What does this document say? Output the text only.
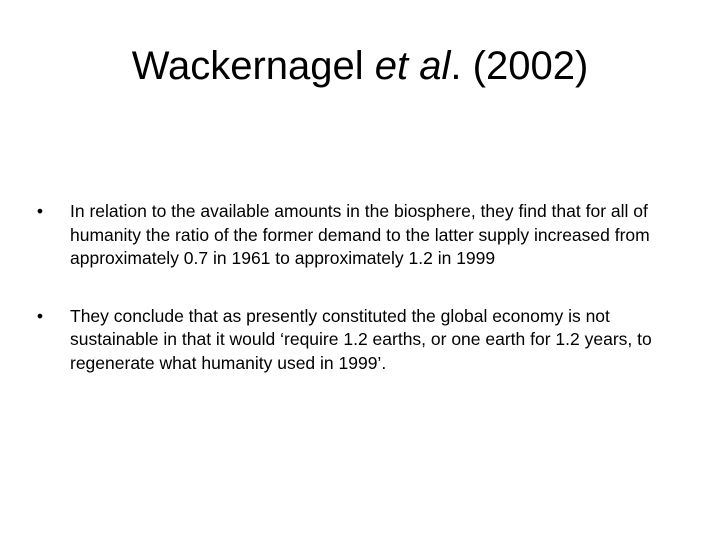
Wackernagel et al. (2002)
•	In relation to the available amounts in the biosphere, they find that for all of humanity the ratio of the former demand to the latter supply increased from approximately 0.7 in 1961 to approximately 1.2 in 1999
•	They conclude that as presently constituted the global economy is not sustainable in that it would ‘require 1.2 earths, or one earth for 1.2 years, to regenerate what humanity used in 1999’.
